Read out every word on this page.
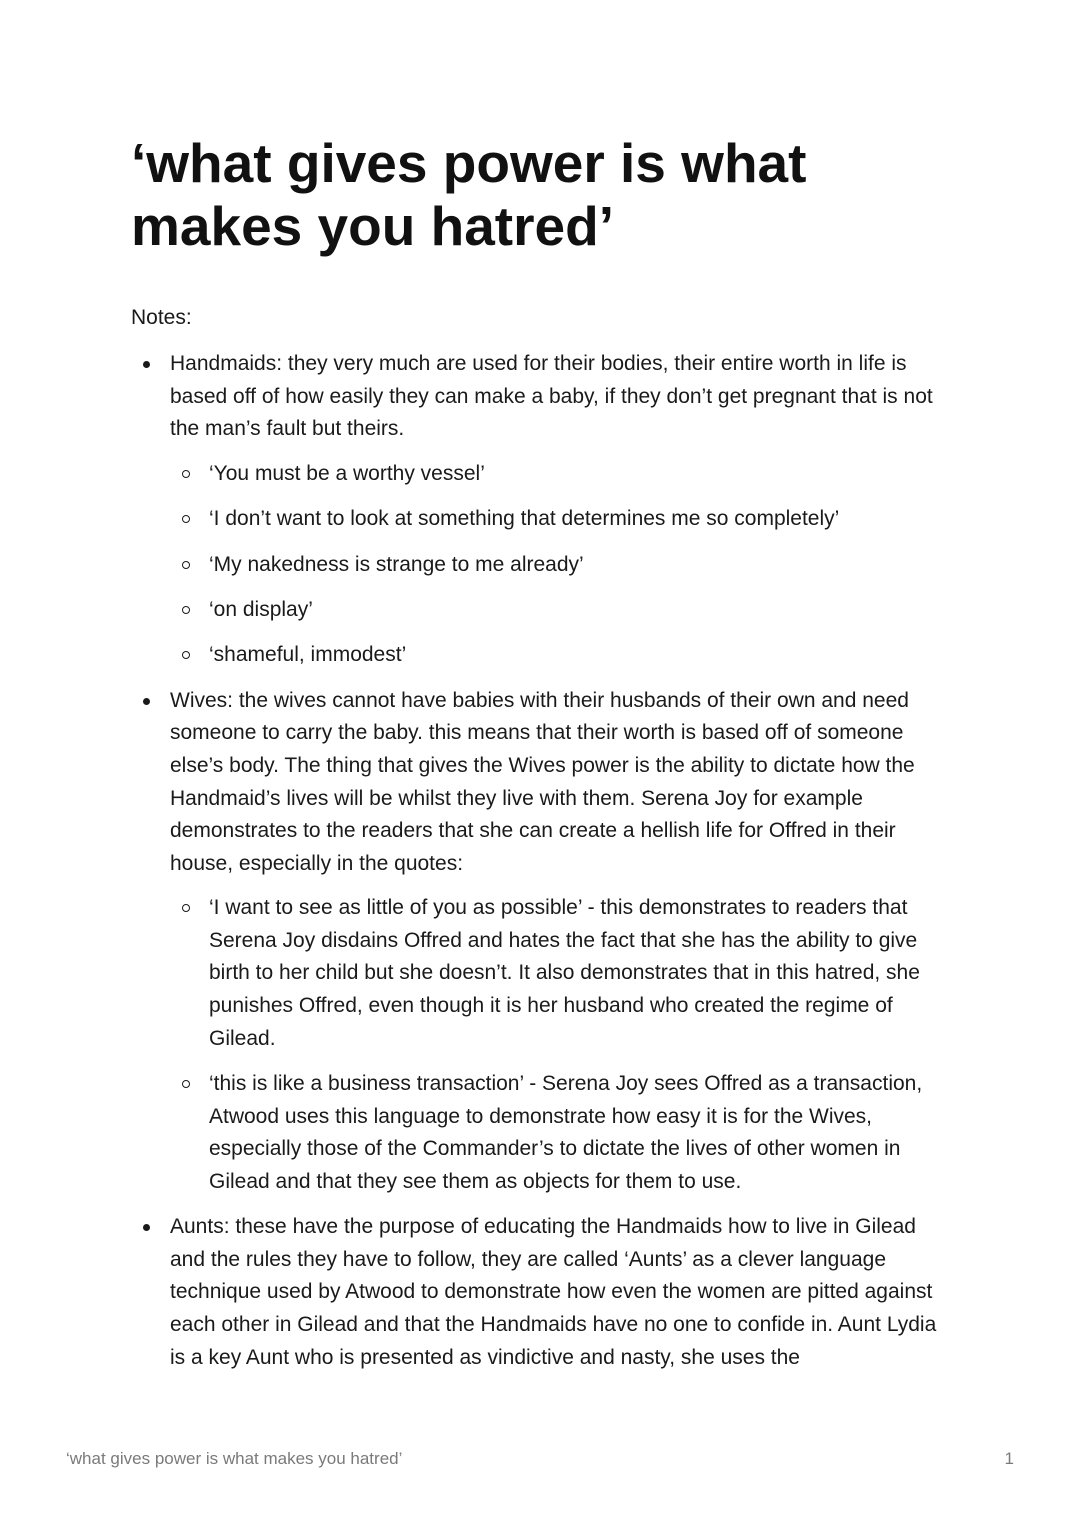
‘what gives power is what makes you hatred’

Notes:

Handmaids: they very much are used for their bodies, their entire worth in life is based off of how easily they can make a baby, if they don’t get pregnant that is not the man’s fault but theirs.
‘You must be a worthy vessel’
‘I don’t want to look at something that determines me so completely’
‘My nakedness is strange to me already’
‘on display’
‘shameful, immodest’
Wives: the wives cannot have babies with their husbands of their own and need someone to carry the baby. this means that their worth is based off of someone else’s body. The thing that gives the Wives power is the ability to dictate how the Handmaid’s lives will be whilst they live with them. Serena Joy for example demonstrates to the readers that she can create a hellish life for Offred in their house, especially in the quotes:
‘I want to see as little of you as possible’ - this demonstrates to readers that Serena Joy disdains Offred and hates the fact that she has the ability to give birth to her child but she doesn’t. It also demonstrates that in this hatred, she punishes Offred, even though it is her husband who created the regime of Gilead.
‘this is like a business transaction’ - Serena Joy sees Offred as a transaction, Atwood uses this language to demonstrate how easy it is for the Wives, especially those of the Commander’s to dictate the lives of other women in Gilead and that they see them as objects for them to use.
Aunts: these have the purpose of educating the Handmaids how to live in Gilead and the rules they have to follow, they are called ‘Aunts’ as a clever language technique used by Atwood to demonstrate how even the women are pitted against each other in Gilead and that the Handmaids have no one to confide in. Aunt Lydia is a key Aunt who is presented as vindictive and nasty, she uses the
‘what gives power is what makes you hatred’	1
